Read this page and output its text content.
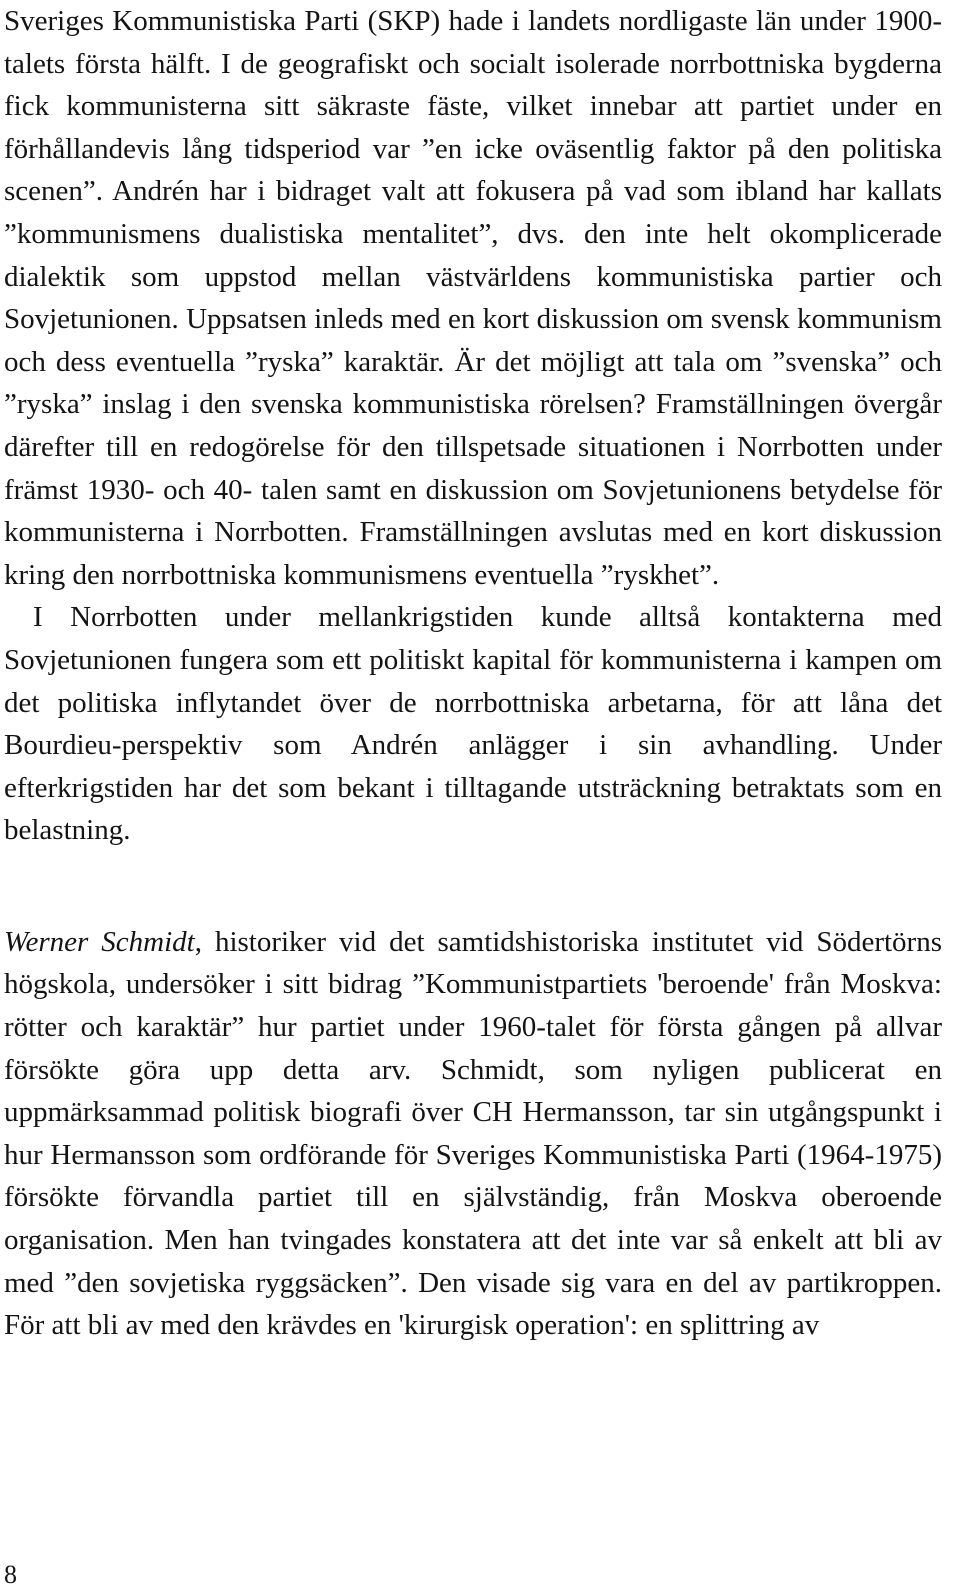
Sveriges Kommunistiska Parti (SKP) hade i landets nordligaste län under 1900- talets första hälft. I de geografiskt och socialt isolerade norrbottniska bygderna fick kommunisterna sitt säkraste fäste, vilket innebar att partiet under en förhållandevis lång tidsperiod var ”en icke oväsentlig faktor på den politiska scenen”. Andrén har i bidraget valt att fokusera på vad som ibland har kallats ”kommunismens dualistiska mentalitet”, dvs. den inte helt okomplicerade dialektik som uppstod mellan västvärldens kommunistiska partier och Sovjetunionen. Uppsatsen inleds med en kort diskussion om svensk kommunism och dess eventuella ”ryska” karaktär. Är det möjligt att tala om ”svenska” och ”ryska” inslag i den svenska kommunistiska rörelsen? Framställningen övergår därefter till en redogörelse för den tillspetsade situationen i Norrbotten under främst 1930- och 40- talen samt en diskussion om Sovjetunionens betydelse för kommunisterna i Norrbotten. Framställningen avslutas med en kort diskussion kring den norrbottniska kommunismens eventuella ”ryskhet”.

I Norrbotten under mellankrigstiden kunde alltså kontakterna med Sovjetunionen fungera som ett politiskt kapital för kommunisterna i kampen om det politiska inflytandet över de norrbottniska arbetarna, för att låna det Bourdieu-perspektiv som Andrén anlägger i sin avhandling. Under efterkrigstiden har det som bekant i tilltagande utsträckning betraktats som en belastning.

Werner Schmidt, historiker vid det samtidshistoriska institutet vid Södertörns högskola, undersöker i sitt bidrag ”Kommunistpartiets 'beroende' från Moskva: rötter och karaktär” hur partiet under 1960-talet för första gången på allvar försökte göra upp detta arv. Schmidt, som nyligen publicerat en uppmärksammad politisk biografi över CH Hermansson, tar sin utgångspunkt i hur Hermansson som ordförande för Sveriges Kommunistiska Parti (1964-1975) försökte förvandla partiet till en självständig, från Moskva oberoende organisation. Men han tvingades konstatera att det inte var så enkelt att bli av med ”den sovjetiska ryggsäcken”. Den visade sig vara en del av partikroppen. För att bli av med den krävdes en 'kirurgisk operation': en splittring av

8
